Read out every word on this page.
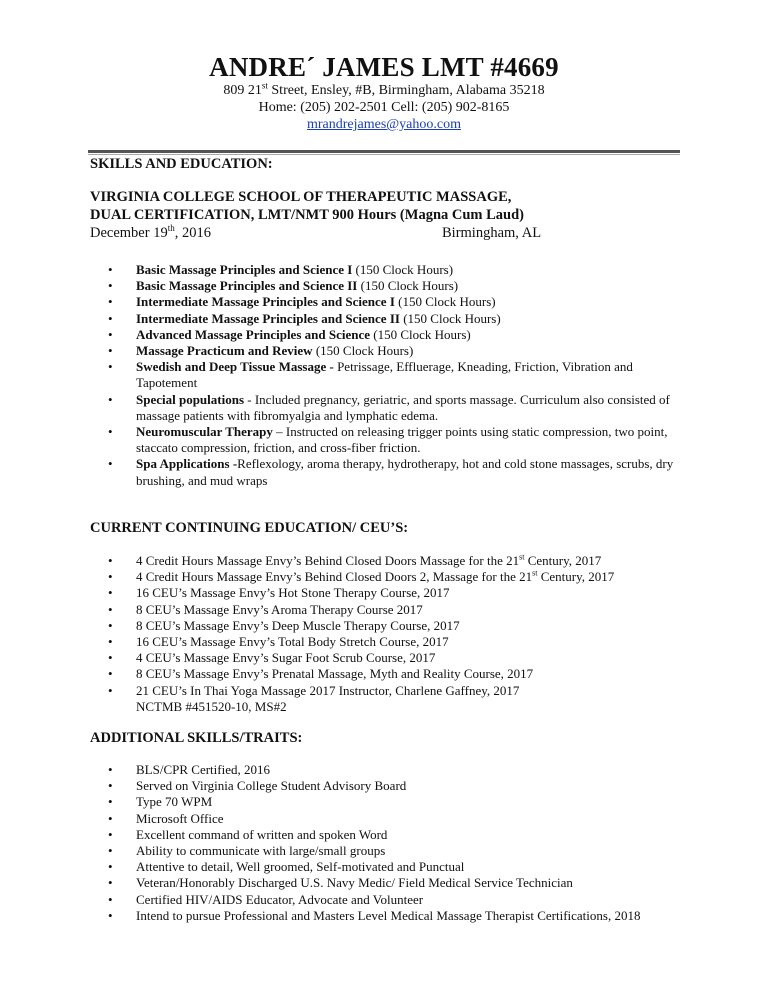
ANDRE´ JAMES LMT #4669
809 21st Street, Ensley, #B, Birmingham, Alabama 35218
Home: (205) 202-2501 Cell: (205) 902-8165
mrandrejames@yahoo.com
SKILLS AND EDUCATION:
VIRGINIA COLLEGE SCHOOL OF THERAPEUTIC MASSAGE,
DUAL CERTIFICATION, LMT/NMT 900 Hours (Magna Cum Laud)
December 19th, 2016	Birmingham, AL
• Basic Massage Principles and Science I (150 Clock Hours)
• Basic Massage Principles and Science II (150 Clock Hours)
• Intermediate Massage Principles and Science I (150 Clock Hours)
• Intermediate Massage Principles and Science II (150 Clock Hours)
• Advanced Massage Principles and Science (150 Clock Hours)
• Massage Practicum and Review (150 Clock Hours)
• Swedish and Deep Tissue Massage - Petrissage, Effluerage, Kneading, Friction, Vibration and Tapotement
• Special populations - Included pregnancy, geriatric, and sports massage. Curriculum also consisted of massage patients with fibromyalgia and lymphatic edema.
• Neuromuscular Therapy – Instructed on releasing trigger points using static compression, two point, staccato compression, friction, and cross-fiber friction.
• Spa Applications -Reflexology, aroma therapy, hydrotherapy, hot and cold stone massages, scrubs, dry brushing, and mud wraps
CURRENT CONTINUING EDUCATION/ CEU’S:
• 4 Credit Hours Massage Envy’s Behind Closed Doors Massage for the 21st Century, 2017
• 4 Credit Hours Massage Envy’s Behind Closed Doors 2, Massage for the 21st Century, 2017
• 16 CEU’s Massage Envy’s Hot Stone Therapy Course, 2017
• 8 CEU’s Massage Envy’s Aroma Therapy Course 2017
• 8 CEU’s Massage Envy’s Deep Muscle Therapy Course, 2017
• 16 CEU’s Massage Envy’s Total Body Stretch Course, 2017
• 4 CEU’s Massage Envy’s Sugar Foot Scrub Course, 2017
• 8 CEU’s Massage Envy’s Prenatal Massage, Myth and Reality Course, 2017
• 21 CEU’s In Thai Yoga Massage 2017 Instructor, Charlene Gaffney, 2017
NCTMB #451520-10, MS#2
ADDITIONAL SKILLS/TRAITS:
• BLS/CPR Certified, 2016
• Served on Virginia College Student Advisory Board
• Type 70 WPM
• Microsoft Office
• Excellent command of written and spoken Word
• Ability to communicate with large/small groups
• Attentive to detail, Well groomed, Self-motivated and Punctual
• Veteran/Honorably Discharged U.S. Navy Medic/ Field Medical Service Technician
• Certified HIV/AIDS Educator, Advocate and Volunteer
• Intend to pursue Professional and Masters Level Medical Massage Therapist Certifications, 2018
